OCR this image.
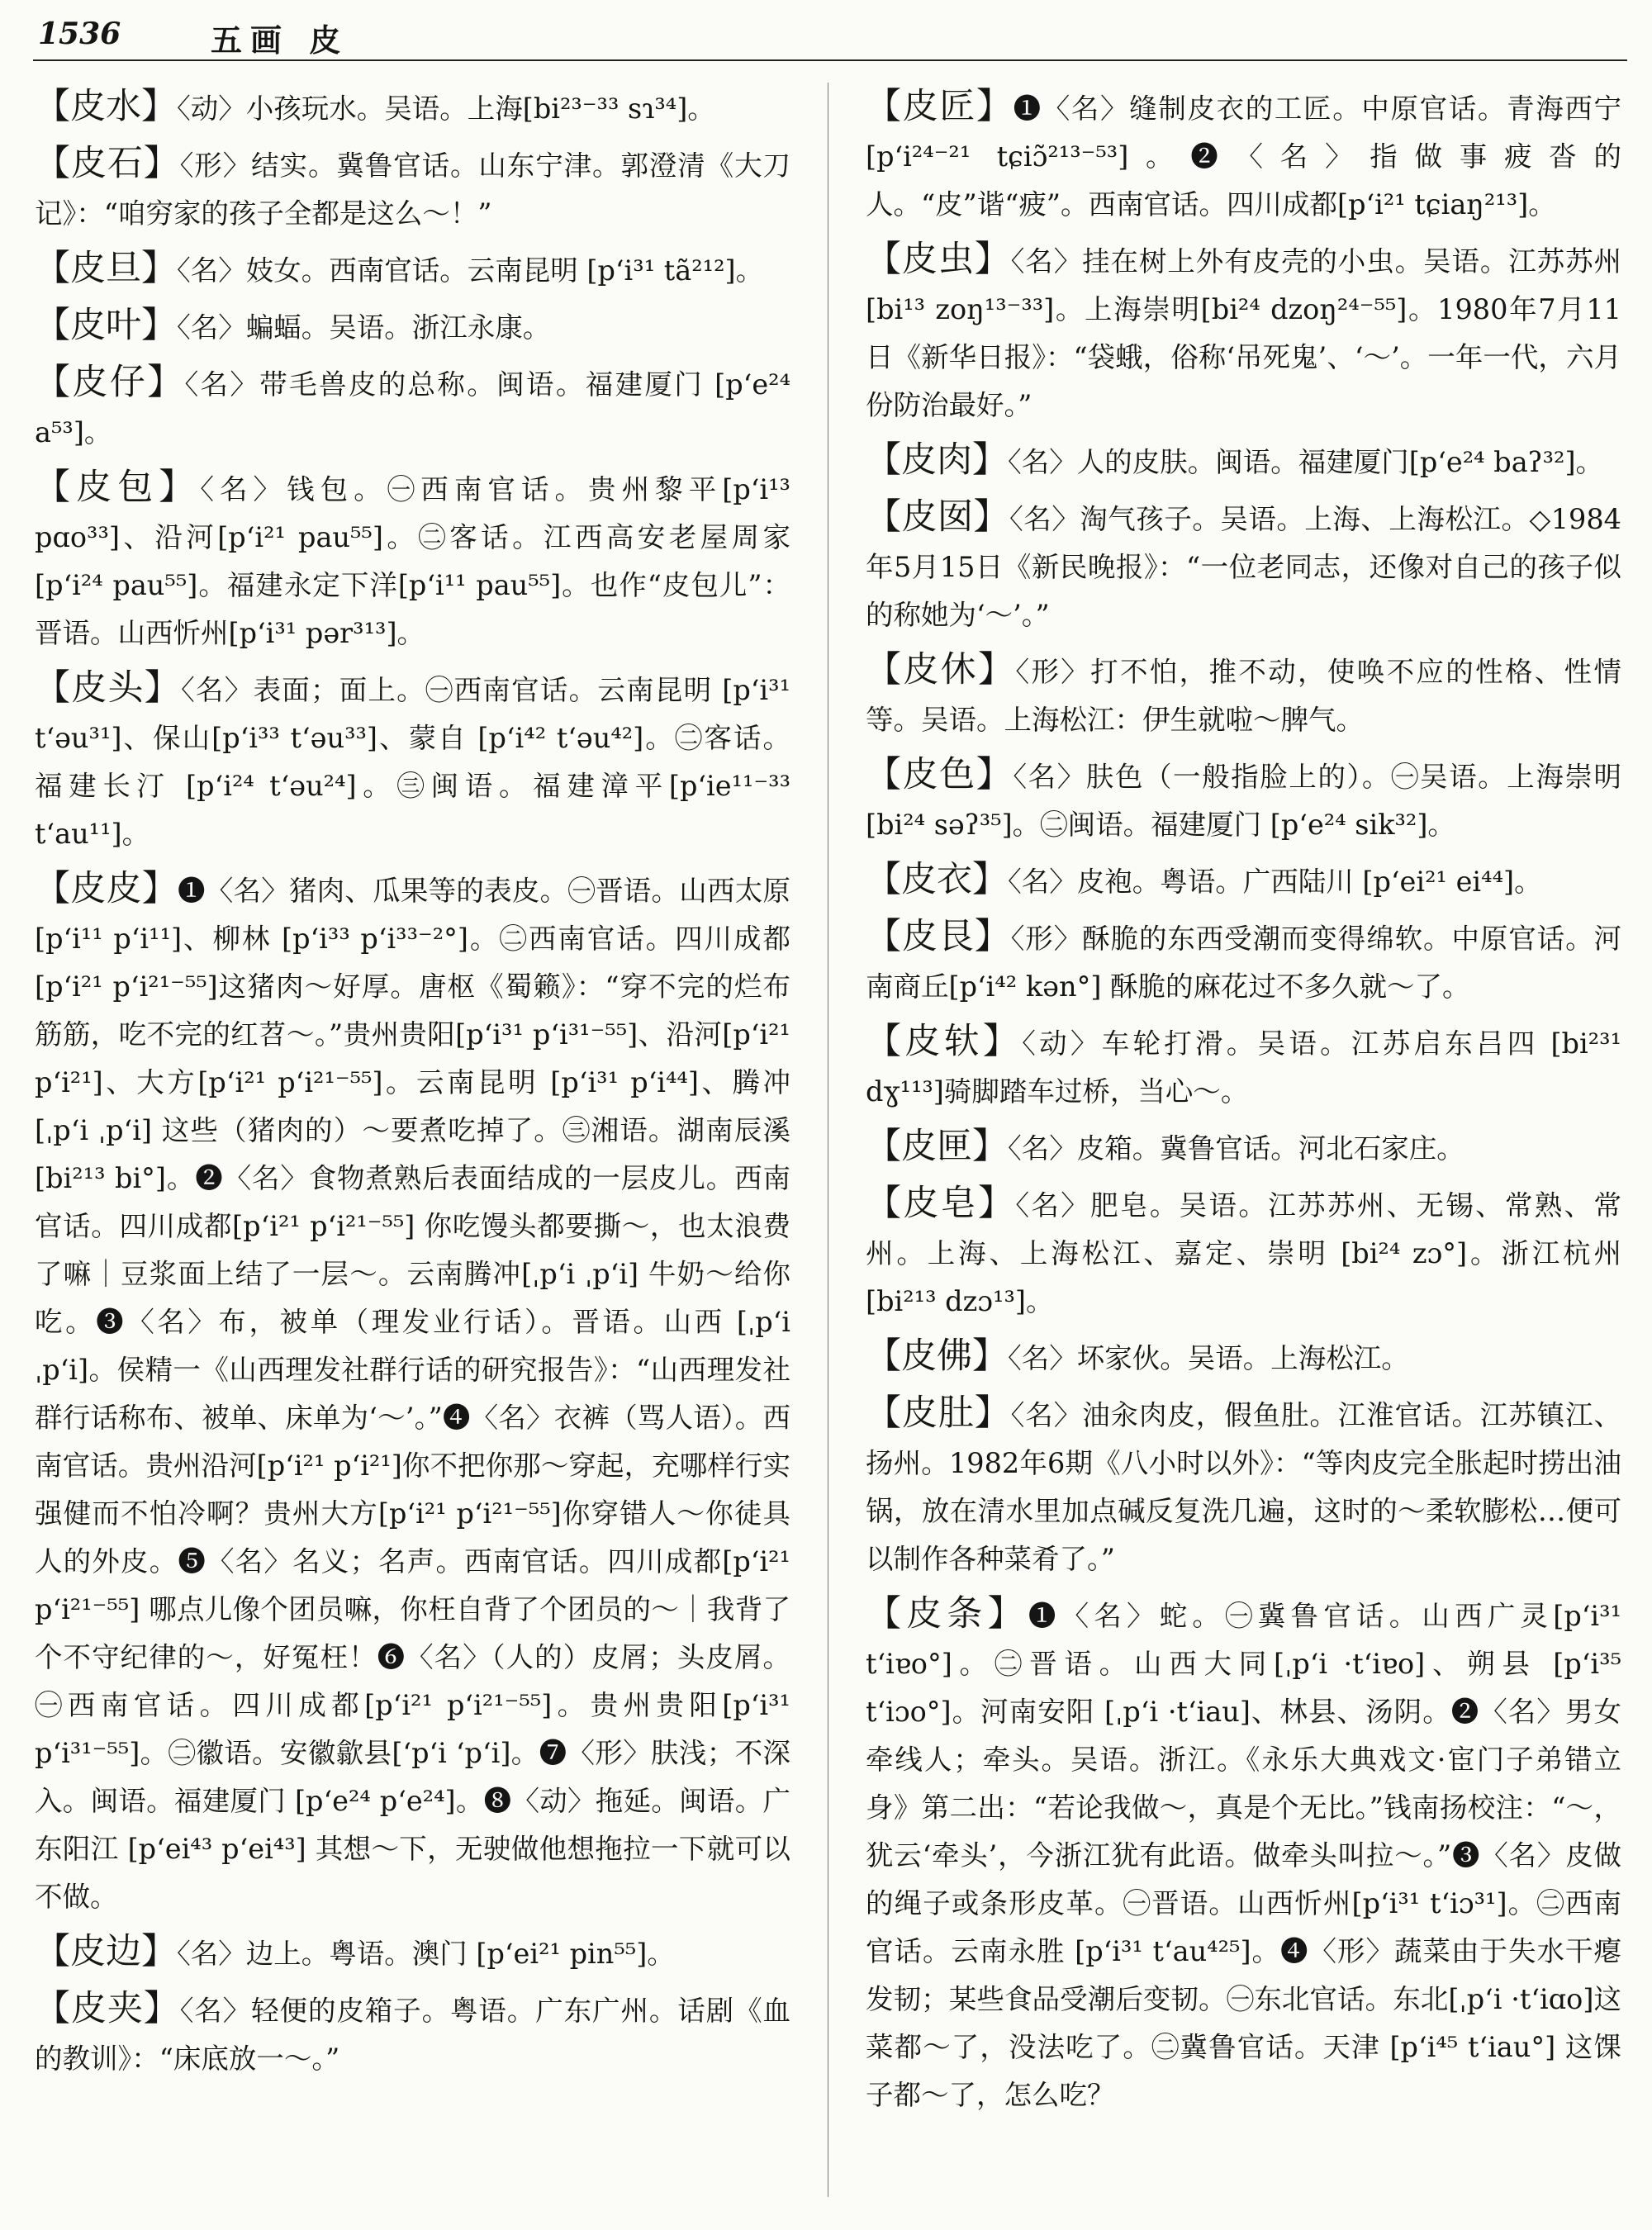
1536	五画 皮

【皮水】〈动〉小孩玩水。吴语。上海[bi²³⁻³³ sɿ³⁴]。

【皮石】〈形〉结实。冀鲁官话。山东宁津。郭澄清《大刀记》：“咱穷家的孩子全都是这么～！”

【皮旦】〈名〉妓女。西南官话。云南昆明 [pʻi³¹ tã²¹²]。

【皮叶】〈名〉蝙蝠。吴语。浙江永康。

【皮仔】〈名〉带毛兽皮的总称。闽语。福建厦门 [pʻe²⁴ a⁵³]。

【皮包】〈名〉钱包。㊀西南官话。贵州黎平[pʻi¹³ pɑo³³]、沿河[pʻi²¹ pau⁵⁵]。㊁客话。江西高安老屋周家 [pʻi²⁴ pau⁵⁵]。福建永定下洋[pʻi¹¹ pau⁵⁵]。也作“皮包儿”：晋语。山西忻州[pʻi³¹ pər³¹³]。

【皮头】〈名〉表面；面上。㊀西南官话。云南昆明 [pʻi³¹ tʻəu³¹]、保山[pʻi³³ tʻəu³³]、蒙自 [pʻi⁴² tʻəu⁴²]。㊁客话。福建长汀 [pʻi²⁴ tʻəu²⁴]。㊂闽语。福建漳平[pʻie¹¹⁻³³ tʻau¹¹]。

【皮皮】❶〈名〉猪肉、瓜果等的表皮。㊀晋语。山西太原[pʻi¹¹ pʻi¹¹]、柳林 [pʻi³³ pʻi³³⁻²°]。㊁西南官话。四川成都[pʻi²¹ pʻi²¹⁻⁵⁵]这猪肉～好厚。唐枢《蜀籁》：“穿不完的烂布筋筋，吃不完的红苕～。”贵州贵阳[pʻi³¹ pʻi³¹⁻⁵⁵]、沿河[pʻi²¹ pʻi²¹]、大方[pʻi²¹ pʻi²¹⁻⁵⁵]。云南昆明 [pʻi³¹ pʻi⁴⁴]、腾冲[ˌpʻi ˌpʻi] 这些（猪肉的）～要煮吃掉了。㊂湘语。湖南辰溪[bi²¹³ bi°]。❷〈名〉食物煮熟后表面结成的一层皮儿。西南官话。四川成都[pʻi²¹ pʻi²¹⁻⁵⁵] 你吃馒头都要撕～，也太浪费了嘛｜豆浆面上结了一层～。云南腾冲[ˌpʻi ˌpʻi] 牛奶～给你吃。❸〈名〉布，被单（理发业行话）。晋语。山西 [ˌpʻi ˌpʻi]。侯精一《山西理发社群行话的研究报告》：“山西理发社群行话称布、被单、床单为‘～’。”❹〈名〉衣裤（骂人语）。西南官话。贵州沿河[pʻi²¹ pʻi²¹]你不把你那～穿起，充哪样行实强健而不怕冷啊？贵州大方[pʻi²¹ pʻi²¹⁻⁵⁵]你穿错人～你徒具人的外皮。❺〈名〉名义；名声。西南官话。四川成都[pʻi²¹ pʻi²¹⁻⁵⁵] 哪点儿像个团员嘛，你枉自背了个团员的～｜我背了个不守纪律的～，好冤枉！❻〈名〉（人的）皮屑；头皮屑。㊀西南官话。四川成都[pʻi²¹ pʻi²¹⁻⁵⁵]。贵州贵阳[pʻi³¹ pʻi³¹⁻⁵⁵]。㊁徽语。安徽歙县[ʻpʻi ʻpʻi]。❼〈形〉肤浅；不深入。闽语。福建厦门 [pʻe²⁴ pʻe²⁴]。❽〈动〉拖延。闽语。广东阳江 [pʻei⁴³ pʻei⁴³] 其想～下，无驶做他想拖拉一下就可以不做。

【皮边】〈名〉边上。粤语。澳门 [pʻei²¹ pin⁵⁵]。

【皮夹】〈名〉轻便的皮箱子。粤语。广东广州。话剧《血的教训》：“床底放一～。”

【皮匠】❶〈名〉缝制皮衣的工匠。中原官话。青海西宁 [pʻi²⁴⁻²¹ tɕiɔ̃²¹³⁻⁵³]。❷〈名〉指做事疲沓的人。“皮”谐“疲”。西南官话。四川成都[pʻi²¹ tɕiaŋ²¹³]。

【皮虫】〈名〉挂在树上外有皮壳的小虫。吴语。江苏苏州[bi¹³ zoŋ¹³⁻³³]。上海崇明[bi²⁴ dzoŋ²⁴⁻⁵⁵]。1980年7月11日《新华日报》：“袋蛾，俗称‘吊死鬼’、‘～’。一年一代，六月份防治最好。”

【皮肉】〈名〉人的皮肤。闽语。福建厦门[pʻe²⁴ baʔ³²]。

【皮囡】〈名〉淘气孩子。吴语。上海、上海松江。◇1984年5月15日《新民晚报》：“一位老同志，还像对自己的孩子似的称她为‘～’。”

【皮休】〈形〉打不怕，推不动，使唤不应的性格、性情等。吴语。上海松江：伊生就啦～脾气。

【皮色】〈名〉肤色（一般指脸上的）。㊀吴语。上海崇明[bi²⁴ səʔ³⁵]。㊁闽语。福建厦门 [pʻe²⁴ sik³²]。

【皮衣】〈名〉皮袍。粤语。广西陆川 [pʻei²¹ ei⁴⁴]。

【皮艮】〈形〉酥脆的东西受潮而变得绵软。中原官话。河南商丘[pʻi⁴² kən°] 酥脆的麻花过不多久就～了。

【皮轪】〈动〉车轮打滑。吴语。江苏启东吕四 [bi²³¹ dɣ¹¹³]骑脚踏车过桥，当心～。

【皮匣】〈名〉皮箱。冀鲁官话。河北石家庄。

【皮皂】〈名〉肥皂。吴语。江苏苏州、无锡、常熟、常州。上海、上海松江、嘉定、崇明 [bi²⁴ zɔ°]。浙江杭州[bi²¹³ dzɔ¹³]。

【皮佛】〈名〉坏家伙。吴语。上海松江。

【皮肚】〈名〉油汆肉皮，假鱼肚。江淮官话。江苏镇江、扬州。1982年6期《八小时以外》：“等肉皮完全胀起时捞出油锅，放在清水里加点碱反复洗几遍，这时的～柔软膨松…便可以制作各种菜肴了。”

【皮条】❶〈名〉蛇。㊀冀鲁官话。山西广灵[pʻi³¹ tʻiɐo°]。㊁晋语。山西大同[ˌpʻi ·tʻiɐo]、朔县 [pʻi³⁵ tʻiɔo°]。河南安阳 [ˌpʻi ·tʻiau]、林县、汤阴。❷〈名〉男女牵线人；牵头。吴语。浙江。《永乐大典戏文·宦门子弟错立身》第二出：“若论我做～，真是个无比。”钱南扬校注：“～，犹云‘牵头’，今浙江犹有此语。做牵头叫拉～。”❸〈名〉皮做的绳子或条形皮革。㊀晋语。山西忻州[pʻi³¹ tʻiɔ³¹]。㊁西南官话。云南永胜 [pʻi³¹ tʻau⁴²⁵]。❹〈形〉蔬菜由于失水干瘪发韧；某些食品受潮后变韧。㊀东北官话。东北[ˌpʻi ·tʻiɑo]这菜都～了，没法吃了。㊁冀鲁官话。天津 [pʻi⁴⁵ tʻiau°] 这馃子都～了，怎么吃？
